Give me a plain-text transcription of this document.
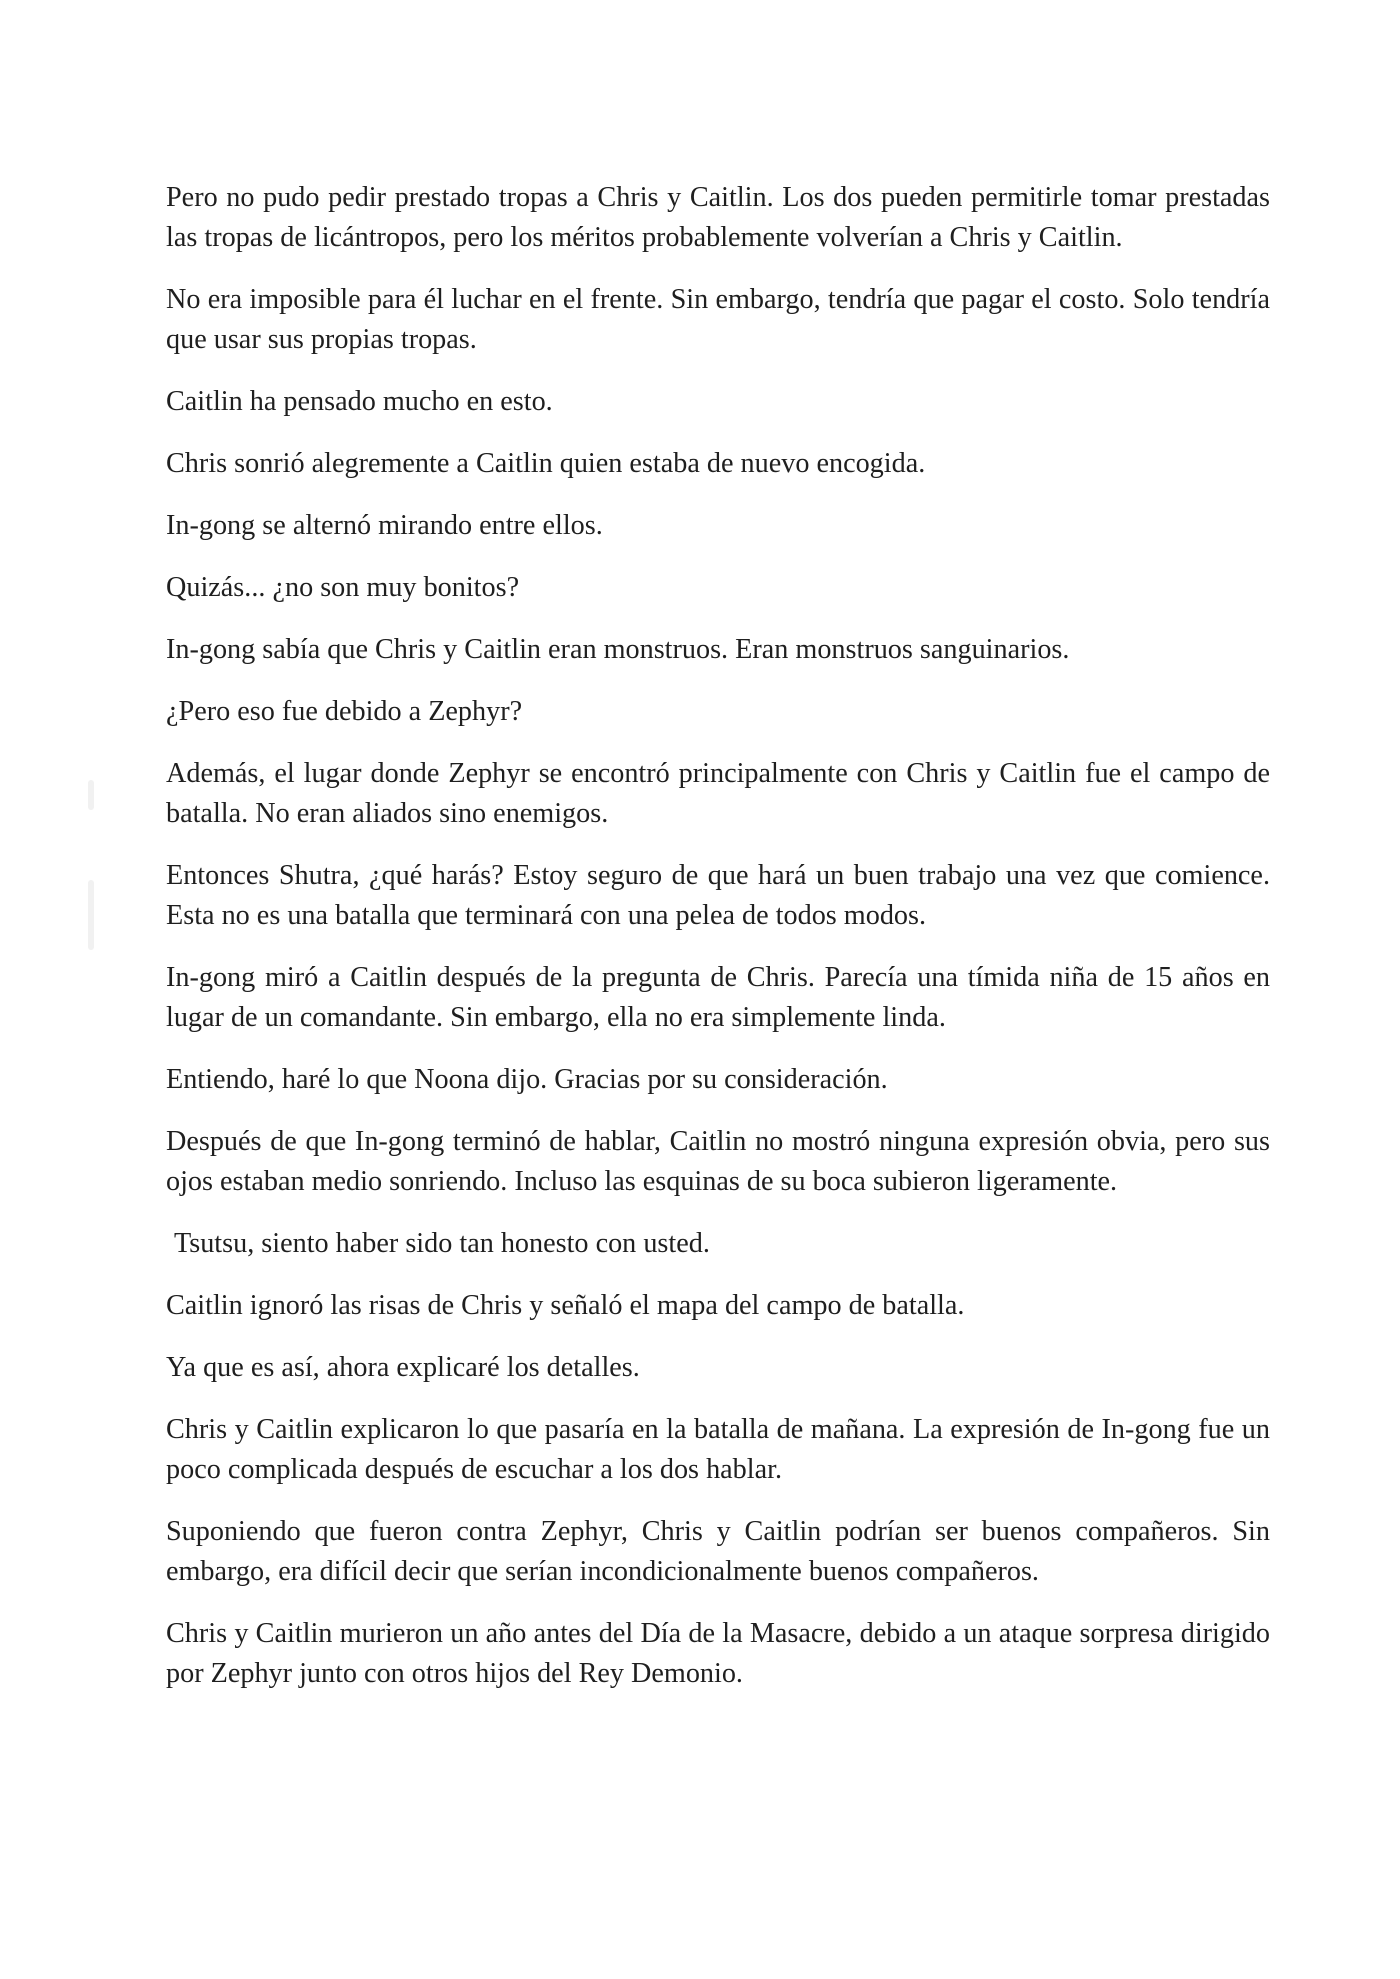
Pero no pudo pedir prestado tropas a Chris y Caitlin. Los dos pueden permitirle tomar prestadas las tropas de licántropos, pero los méritos probablemente volverían a Chris y Caitlin.

No era imposible para él luchar en el frente. Sin embargo, tendría que pagar el costo. Solo tendría que usar sus propias tropas.

Caitlin ha pensado mucho en esto.

Chris sonrió alegremente a Caitlin quien estaba de nuevo encogida.

In-gong se alternó mirando entre ellos.

Quizás... ¿no son muy bonitos?

In-gong sabía que Chris y Caitlin eran monstruos. Eran monstruos sanguinarios.

¿Pero eso fue debido a Zephyr?

Además, el lugar donde Zephyr se encontró principalmente con Chris y Caitlin fue el campo de batalla. No eran aliados sino enemigos.

Entonces Shutra, ¿qué harás? Estoy seguro de que hará un buen trabajo una vez que comience. Esta no es una batalla que terminará con una pelea de todos modos.

In-gong miró a Caitlin después de la pregunta de Chris. Parecía una tímida niña de 15 años en lugar de un comandante. Sin embargo, ella no era simplemente linda.

Entiendo, haré lo que Noona dijo. Gracias por su consideración.

Después de que In-gong terminó de hablar, Caitlin no mostró ninguna expresión obvia, pero sus ojos estaban medio sonriendo. Incluso las esquinas de su boca subieron ligeramente.

Tsutsu, siento haber sido tan honesto con usted.

Caitlin ignoró las risas de Chris y señaló el mapa del campo de batalla.

Ya que es así, ahora explicaré los detalles.

Chris y Caitlin explicaron lo que pasaría en la batalla de mañana. La expresión de In-gong fue un poco complicada después de escuchar a los dos hablar.

Suponiendo que fueron contra Zephyr, Chris y Caitlin podrían ser buenos compañeros. Sin embargo, era difícil decir que serían incondicionalmente buenos compañeros.

Chris y Caitlin murieron un año antes del Día de la Masacre, debido a un ataque sorpresa dirigido por Zephyr junto con otros hijos del Rey Demonio.
